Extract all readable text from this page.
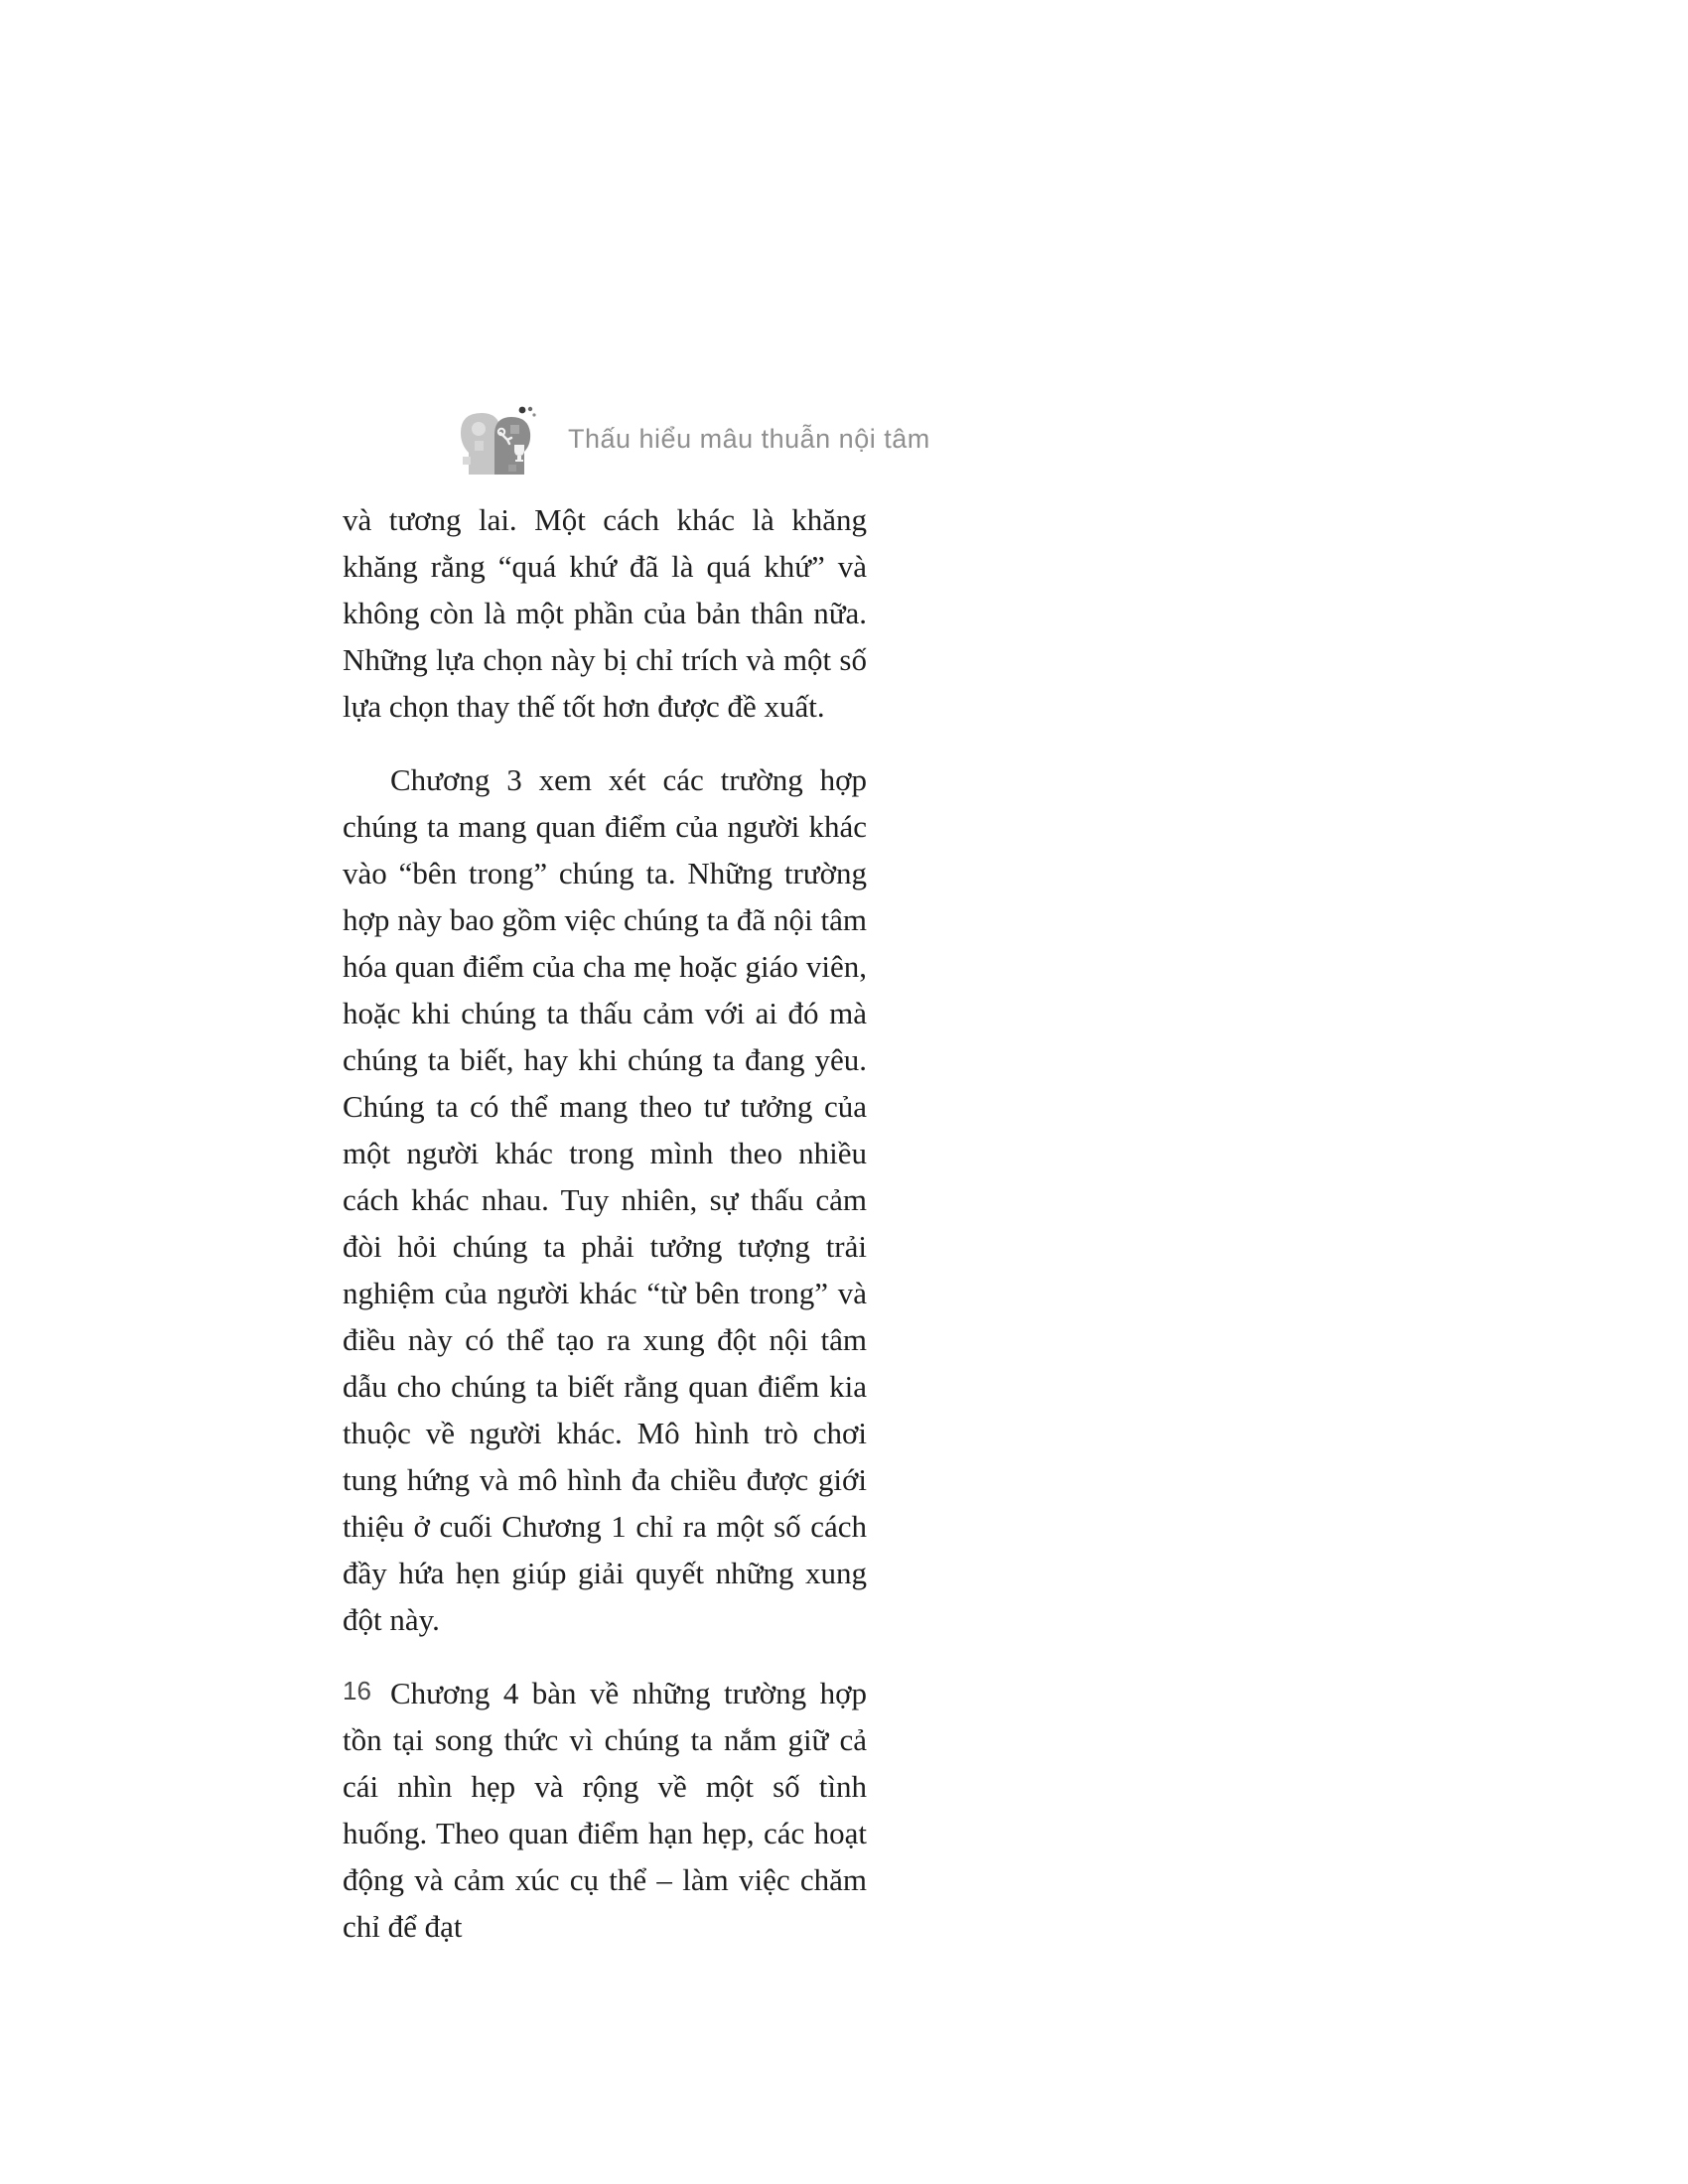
Thấu hiểu mâu thuẫn nội tâm

và tương lai. Một cách khác là khăng khăng rằng “quá khứ đã là quá khứ” và không còn là một phần của bản thân nữa. Những lựa chọn này bị chỉ trích và một số lựa chọn thay thế tốt hơn được đề xuất.

Chương 3 xem xét các trường hợp chúng ta mang quan điểm của người khác vào “bên trong” chúng ta. Những trường hợp này bao gồm việc chúng ta đã nội tâm hóa quan điểm của cha mẹ hoặc giáo viên, hoặc khi chúng ta thấu cảm với ai đó mà chúng ta biết, hay khi chúng ta đang yêu. Chúng ta có thể mang theo tư tưởng của một người khác trong mình theo nhiều cách khác nhau. Tuy nhiên, sự thấu cảm đòi hỏi chúng ta phải tưởng tượng trải nghiệm của người khác “từ bên trong” và điều này có thể tạo ra xung đột nội tâm dẫu cho chúng ta biết rằng quan điểm kia thuộc về người khác. Mô hình trò chơi tung hứng và mô hình đa chiều được giới thiệu ở cuối Chương 1 chỉ ra một số cách đầy hứa hẹn giúp giải quyết những xung đột này.

Chương 4 bàn về những trường hợp tồn tại song thức vì chúng ta nắm giữ cả cái nhìn hẹp và rộng về một số tình huống. Theo quan điểm hạn hẹp, các hoạt động và cảm xúc cụ thể – làm việc chăm chỉ để đạt

16
